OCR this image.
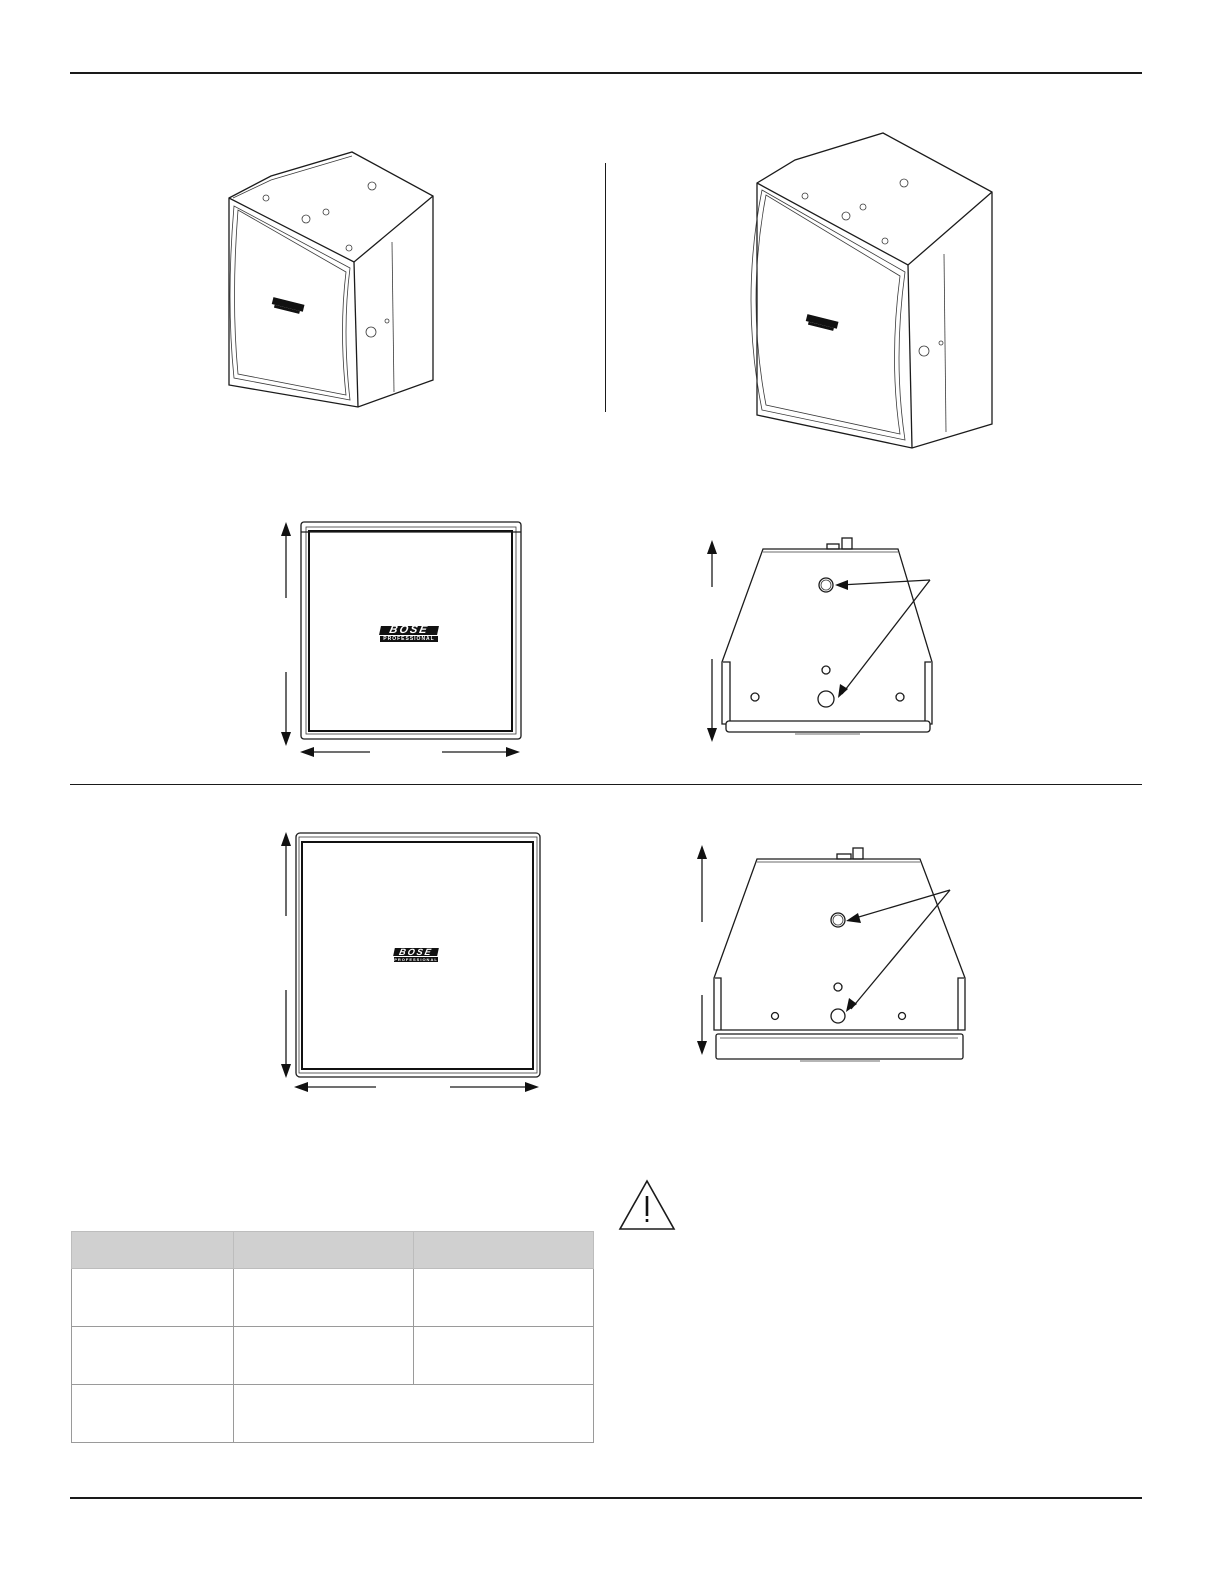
BOSE
PROFESSIONAL
BOSE
PROFESSIONAL
